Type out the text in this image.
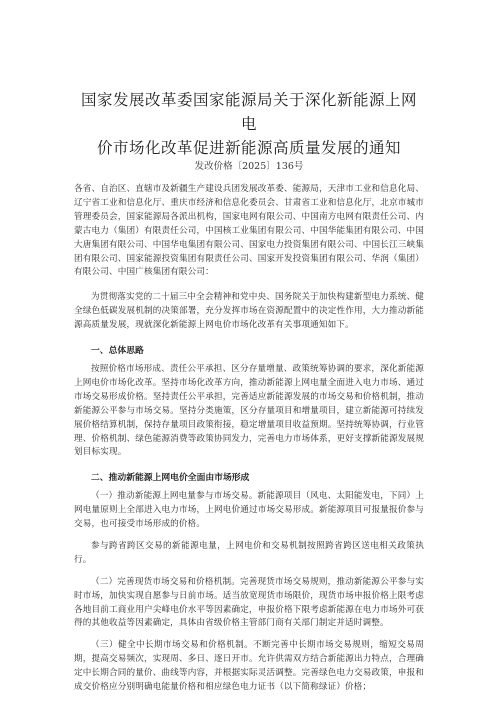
国家发展改革委国家能源局关于深化新能源上网电
价市场化改革促进新能源高质量发展的通知

发改价格〔2025〕136号

各省、自治区、直辖市及新疆生产建设兵团发展改革委、能源局，天津市工业和信息化局、辽宁省工业和信息化厅、重庆市经济和信息化委员会、甘肃省工业和信息化厅，北京市城市管理委员会，国家能源局各派出机构，国家电网有限公司、中国南方电网有限责任公司、内蒙古电力（集团）有限责任公司，中国核工业集团有限公司、中国华能集团有限公司、中国大唐集团有限公司、中国华电集团有限公司、国家电力投资集团有限公司、中国长江三峡集团有限公司、国家能源投资集团有限责任公司、国家开发投资集团有限公司、华润（集团）有限公司、中国广核集团有限公司：

为贯彻落实党的二十届三中全会精神和党中央、国务院关于加快构建新型电力系统、健全绿色低碳发展机制的决策部署，充分发挥市场在资源配置中的决定性作用，大力推动新能源高质量发展，现就深化新能源上网电价市场化改革有关事项通知如下。

一、总体思路

按照价格市场形成、责任公平承担、区分存量增量、政策统筹协调的要求，深化新能源上网电价市场化改革。坚持市场化改革方向，推动新能源上网电量全面进入电力市场、通过市场交易形成价格。坚持责任公平承担，完善适应新能源发展的市场交易和价格机制，推动新能源公平参与市场交易。坚持分类施策，区分存量项目和增量项目，建立新能源可持续发展价格结算机制，保持存量项目政策衔接，稳定增量项目收益预期。坚持统筹协调，行业管理、价格机制、绿色能源消费等政策协同发力，完善电力市场体系，更好支撑新能源发展规划目标实现。

二、推动新能源上网电价全面由市场形成

（一）推动新能源上网电量参与市场交易。新能源项目（风电、太阳能发电，下同）上网电量原则上全部进入电力市场，上网电价通过市场交易形成。新能源项目可报量报价参与交易，也可接受市场形成的价格。

参与跨省跨区交易的新能源电量，上网电价和交易机制按照跨省跨区送电相关政策执行。

（二）完善现货市场交易和价格机制。完善现货市场交易规则，推动新能源公平参与实时市场，加快实现自愿参与日前市场。适当放宽现货市场限价，现货市场申报价格上限考虑各地目前工商业用户尖峰电价水平等因素确定，申报价格下限考虑新能源在电力市场外可获得的其他收益等因素确定，具体由省级价格主管部门商有关部门制定并适时调整。

（三）健全中长期市场交易和价格机制。不断完善中长期市场交易规则，缩短交易周期，提高交易频次，实现周、多日、逐日开市。允许供需双方结合新能源出力特点，合理确定中长期合同的量价、曲线等内容，并根据实际灵活调整。完善绿色电力交易政策，申报和成交价格应分别明确电能量价格和相应绿色电力证书（以下简称绿证）价格；
